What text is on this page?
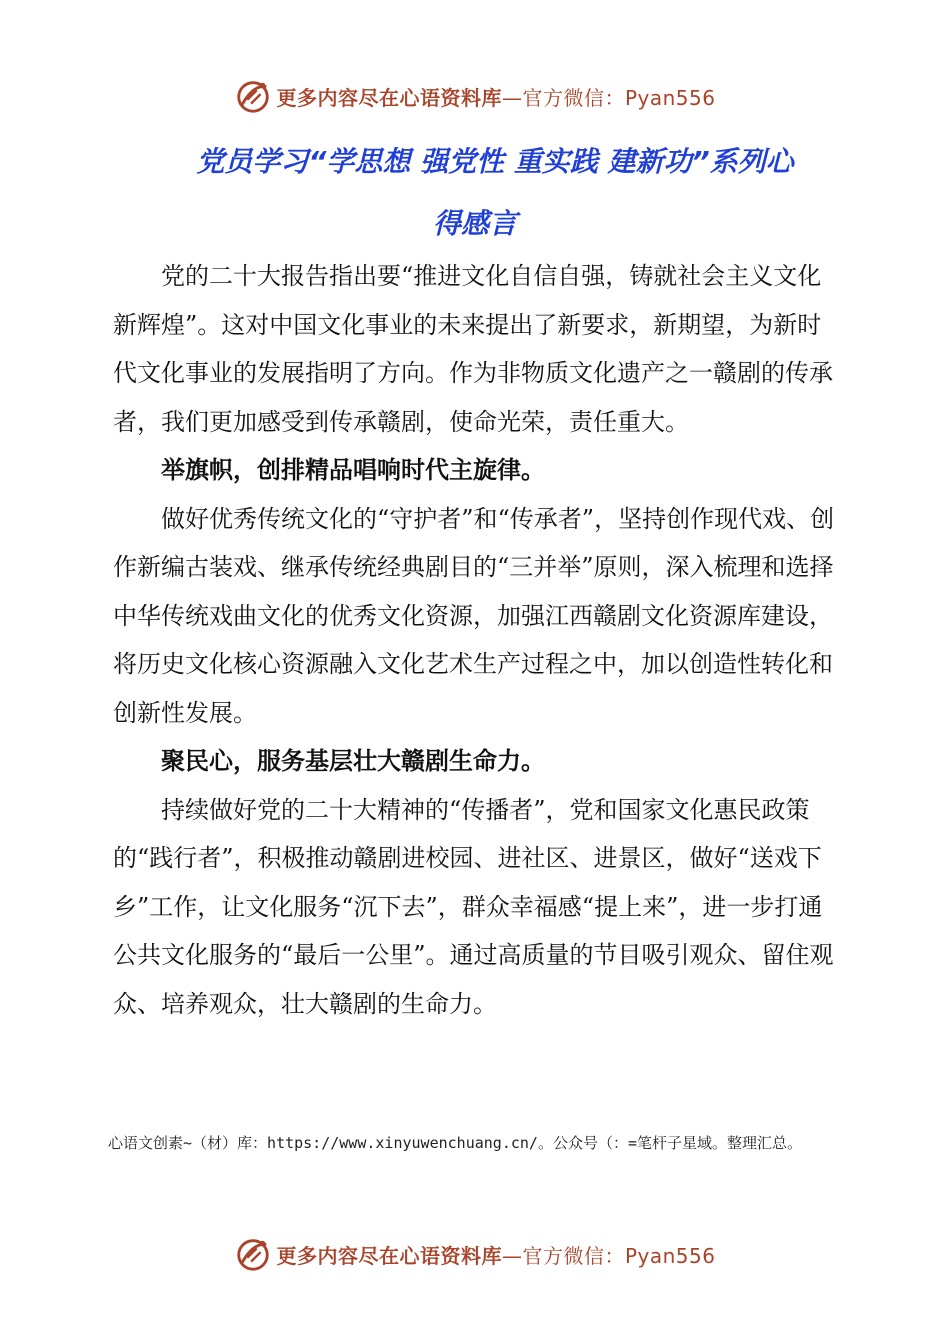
更多内容尽在心语资料库 —官方微信：Pyan556
党员学习“学思想 强党性 重实践 建新功”系列心
得感言

党的二十大报告指出要“推进文化自信自强，铸就社会主义文化新辉煌”。这对中国文化事业的未来提出了新要求，新期望，为新时代文化事业的发展指明了方向。作为非物质文化遗产之一赣剧的传承者，我们更加感受到传承赣剧，使命光荣，责任重大。

举旗帜，创排精品唱响时代主旋律。

做好优秀传统文化的“守护者”和“传承者”，坚持创作现代戏、创作新编古装戏、继承传统经典剧目的“三并举”原则，深入梳理和选择中华传统戏曲文化的优秀文化资源，加强江西赣剧文化资源库建设，将历史文化核心资源融入文化艺术生产过程之中，加以创造性转化和创新性发展。

聚民心，服务基层壮大赣剧生命力。

持续做好党的二十大精神的“传播者”，党和国家文化惠民政策的“践行者”，积极推动赣剧进校园、进社区、进景区，做好“送戏下乡”工作，让文化服务“沉下去”，群众幸福感“提上来”，进一步打通公共文化服务的“最后一公里”。通过高质量的节目吸引观众、留住观众、培养观众，壮大赣剧的生命力。

心语文创素~（材）库：https://www.xinyuwenchuang.cn/。公众号（：=笔杆子星域。整理汇总。
更多内容尽在心语资料库 —官方微信：Pyan556
